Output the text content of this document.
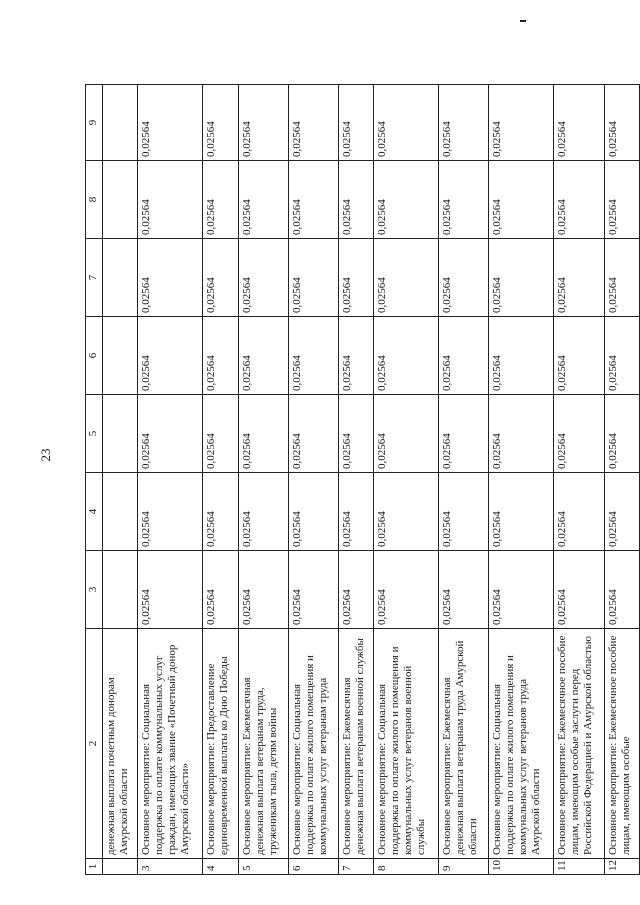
23
1	2	3	4	5	6	7	8	9
	денежная выплата почетным донорам Амурской области							
3	Основное мероприятие: Социальная поддержка по оплате коммунальных услуг граждан, имеющих звание «Почетный донор Амурской области»	0,02564	0,02564	0,02564	0,02564	0,02564	0,02564	0,02564
4	Основное мероприятие: Предоставление единовременной выплаты ко Дню Победы	0,02564	0,02564	0,02564	0,02564	0,02564	0,02564	0,02564
5	Основное мероприятие: Ежемесячная денежная выплата ветеранам труда, труженикам тыла, детям войны	0,02564	0,02564	0,02564	0,02564	0,02564	0,02564	0,02564
6	Основное мероприятие: Социальная поддержка по оплате жилого помещения и коммунальных услуг ветеранам труда	0,02564	0,02564	0,02564	0,02564	0,02564	0,02564	0,02564
7	Основное мероприятие: Ежемесячная денежная выплата ветеранам военной службы	0,02564	0,02564	0,02564	0,02564	0,02564	0,02564	0,02564
8	Основное мероприятие: Социальная поддержка по оплате жилого и помещения и коммунальных услуг ветеранов военной службы	0,02564	0,02564	0,02564	0,02564	0,02564	0,02564	0,02564
9	Основное мероприятие: Ежемесячная денежная выплата ветеранам труда Амурской области	0,02564	0,02564	0,02564	0,02564	0,02564	0,02564	0,02564
10	Основное мероприятие: Социальная поддержка по оплате жилого помещения и коммунальных услуг ветеранов труда Амурской области	0,02564	0,02564	0,02564	0,02564	0,02564	0,02564	0,02564
11	Основное мероприятие: Ежемесячное пособие лицам, имеющим особые заслуги перед Российской Федерацией и Амурской областью	0,02564	0,02564	0,02564	0,02564	0,02564	0,02564	0,02564
12	Основное мероприятие: Ежемесячное пособие лицам, имеющим особые	0,02564	0,02564	0,02564	0,02564	0,02564	0,02564	0,02564
